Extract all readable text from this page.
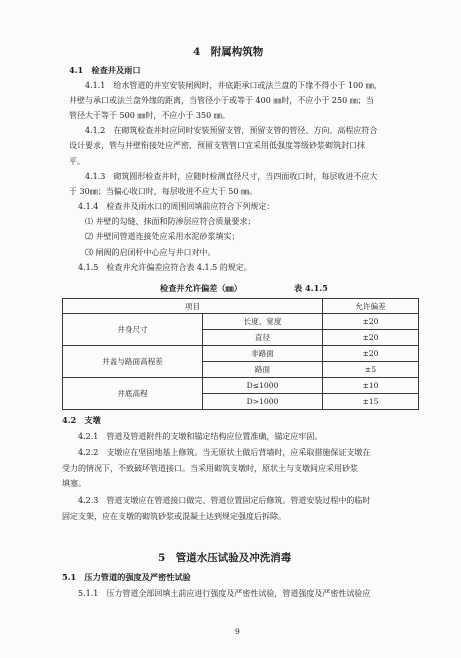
4　附属构筑物
4.1　检查井及雨口
4.1.1　给水管道的井室安装闸阀时，井底距承口或法兰盘的下缘不得小于 100 ㎜，
井壁与承口或法兰盘外缘的距离，当管径小于或等于 400 ㎜时，不应小于 250 ㎜；当
管径大于等于 500 ㎜时，不应小于 350 ㎜。
4.1.2　在砌筑检查井时应同时安装预留支管，预留支管的管径、方向、高程应符合
设计要求，管与井壁衔接处应严密，预留支管管口宜采用低强度等级砂浆砌筑封口抹
平。
4.1.3　砌筑圆形检查井时，应随时检测直径尺寸，当四面收口时，每层收进不应大
于 30㎜；当偏心收口时，每层收进不应大于 50 ㎜。
4.1.4　检查井及雨水口的周围回填前应符合下列规定：
⑴ 井壁的勾缝、抹面和防渗层应符合质量要求；
⑵ 井壁同管道连接处应采用水泥砂浆填实；
⑶ 闸阀的启闭杆中心应与井口对中。
4.1.5　检查井允许偏差应符合表 4.1.5 的规定。
检查井允许偏差（㎜）	表 4.1.5
项目		允许偏差
井身尺寸	长度、宽度	±20
	直径	±20
井盖与路面高程差	非路面	±20
	路面	±5
井底高程	D≤1000	±10
	D>1000	±15
4.2　支墩
4.2.1　管道及管道附件的支墩和锚定结构应位置准确，锚定应牢固。
4.2.2　支墩应在坚固地基上修筑。当无原状土做后背墙时，应采取措施保证支墩在
受力的情况下，不致破坏管道接口。当采用砌筑支墩时，原状土与支墩间应采用砂浆
填塞。
4.2.3　管道支墩应在管道接口做完、管道位置固定后修筑。管道安装过程中的临时
固定支架，应在支墩的砌筑砂浆或混凝土达到规定强度后拆除。
5　管道水压试验及冲洗消毒
5.1　压力管道的强度及严密性试验
5.1.1　压力管道全部回填土前应进行强度及严密性试验，管道强度及严密性试验应
9
